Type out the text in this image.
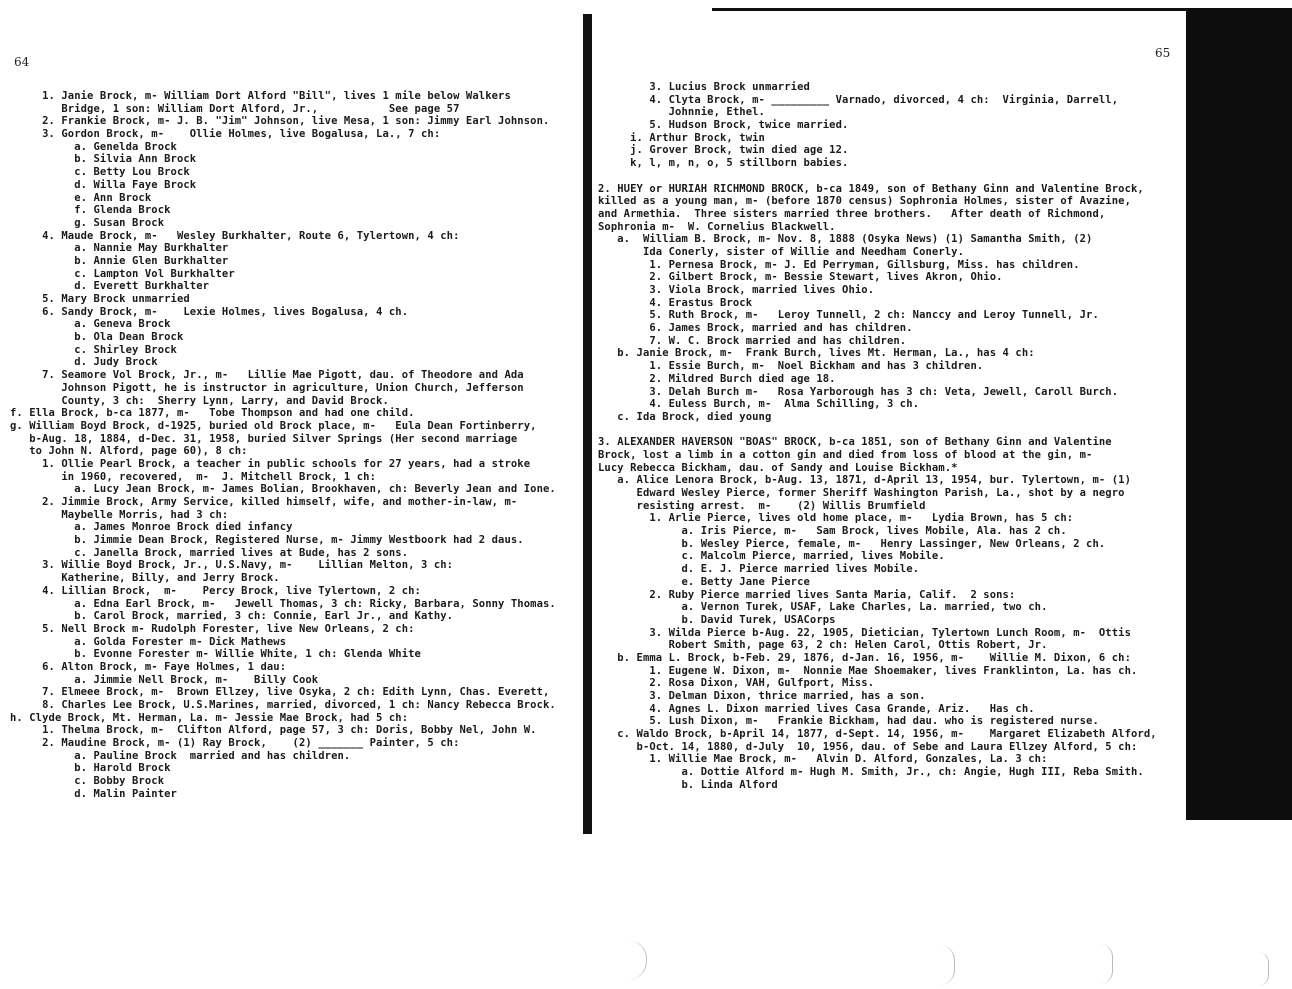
64
1. Janie Brock, m- William Dort Alford "Bill", lives 1 mile below Walkers
Bridge, 1 son: William Dort Alford, Jr.,           See page 57
2. Frankie Brock, m- J. B. "Jim" Johnson, live Mesa, 1 son: Jimmy Earl Johnson.
3. Gordon Brock, m-    Ollie Holmes, live Bogalusa, La., 7 ch:
a. Genelda Brock
b. Silvia Ann Brock
c. Betty Lou Brock
d. Willa Faye Brock
e. Ann Brock
f. Glenda Brock
g. Susan Brock
4. Maude Brock, m-   Wesley Burkhalter, Route 6, Tylertown, 4 ch:
a. Nannie May Burkhalter
b. Annie Glen Burkhalter
c. Lampton Vol Burkhalter
d. Everett Burkhalter
5. Mary Brock unmarried
6. Sandy Brock, m-    Lexie Holmes, lives Bogalusa, 4 ch.
a. Geneva Brock
b. Ola Dean Brock
c. Shirley Brock
d. Judy Brock
7. Seamore Vol Brock, Jr., m-   Lillie Mae Pigott, dau. of Theodore and Ada
Johnson Pigott, he is instructor in agriculture, Union Church, Jefferson
County, 3 ch:  Sherry Lynn, Larry, and David Brock.
f. Ella Brock, b-ca 1877, m-   Tobe Thompson and had one child.
g. William Boyd Brock, d-1925, buried old Brock place, m-   Eula Dean Fortinberry,
b-Aug. 18, 1884, d-Dec. 31, 1958, buried Silver Springs (Her second marriage
to John N. Alford, page 60), 8 ch:
1. Ollie Pearl Brock, a teacher in public schools for 27 years, had a stroke
in 1960, recovered,  m-  J. Mitchell Brock, 1 ch:
a. Lucy Jean Brock, m- James Bolian, Brookhaven, ch: Beverly Jean and Ione.
2. Jimmie Brock, Army Service, killed himself, wife, and mother-in-law, m-
Maybelle Morris, had 3 ch:
a. James Monroe Brock died infancy
b. Jimmie Dean Brock, Registered Nurse, m- Jimmy Westboork had 2 daus.
c. Janella Brock, married lives at Bude, has 2 sons.
3. Willie Boyd Brock, Jr., U.S.Navy, m-    Lillian Melton, 3 ch:
Katherine, Billy, and Jerry Brock.
4. Lillian Brock,  m-    Percy Brock, live Tylertown, 2 ch:
a. Edna Earl Brock, m-   Jewell Thomas, 3 ch: Ricky, Barbara, Sonny Thomas.
b. Carol Brock, married, 3 ch: Connie, Earl Jr., and Kathy.
5. Nell Brock m- Rudolph Forester, live New Orleans, 2 ch:
a. Golda Forester m- Dick Mathews
b. Evonne Forester m- Willie White, 1 ch: Glenda White
6. Alton Brock, m- Faye Holmes, 1 dau:
a. Jimmie Nell Brock, m-    Billy Cook
7. Elmeee Brock, m-  Brown Ellzey, live Osyka, 2 ch: Edith Lynn, Chas. Everett,
8. Charles Lee Brock, U.S.Marines, married, divorced, 1 ch: Nancy Rebecca Brock.
h. Clyde Brock, Mt. Herman, La. m- Jessie Mae Brock, had 5 ch:
1. Thelma Brock, m-  Clifton Alford, page 57, 3 ch: Doris, Bobby Nel, John W.
2. Maudine Brock, m- (1) Ray Brock,    (2) _______ Painter, 5 ch:
a. Pauline Brock  married and has children.
b. Harold Brock
c. Bobby Brock
d. Malin Painter
65
3. Lucius Brock unmarried
4. Clyta Brock, m- _________ Varnado, divorced, 4 ch:  Virginia, Darrell,
Johnnie, Ethel.
5. Hudson Brock, twice married.
i. Arthur Brock, twin
j. Grover Brock, twin died age 12.
k, l, m, n, o, 5 stillborn babies.

2. HUEY or HURIAH RICHMOND BROCK, b-ca 1849, son of Bethany Ginn and Valentine Brock,
killed as a young man, m- (before 1870 census) Sophronia Holmes, sister of Avazine,
and Armethia.  Three sisters married three brothers.   After death of Richmond,
Sophronia m-  W. Cornelius Blackwell.
a.  William B. Brock, m- Nov. 8, 1888 (Osyka News) (1) Samantha Smith, (2)
Ida Conerly, sister of Willie and Needham Conerly.
1. Pernesa Brock, m- J. Ed Perryman, Gillsburg, Miss. has children.
2. Gilbert Brock, m- Bessie Stewart, lives Akron, Ohio.
3. Viola Brock, married lives Ohio.
4. Erastus Brock
5. Ruth Brock, m-   Leroy Tunnell, 2 ch: Nanccy and Leroy Tunnell, Jr.
6. James Brock, married and has children.
7. W. C. Brock married and has children.
b. Janie Brock, m-  Frank Burch, lives Mt. Herman, La., has 4 ch:
1. Essie Burch, m-  Noel Bickham and has 3 children.
2. Mildred Burch died age 18.
3. Delah Burch m-   Rosa Yarborough has 3 ch: Veta, Jewell, Caroll Burch.
4. Euless Burch, m-  Alma Schilling, 3 ch.
c. Ida Brock, died young

3. ALEXANDER HAVERSON "BOAS" BROCK, b-ca 1851, son of Bethany Ginn and Valentine
Brock, lost a limb in a cotton gin and died from loss of blood at the gin, m-
Lucy Rebecca Bickham, dau. of Sandy and Louise Bickham.*
a. Alice Lenora Brock, b-Aug. 13, 1871, d-April 13, 1954, bur. Tylertown, m- (1)
Edward Wesley Pierce, former Sheriff Washington Parish, La., shot by a negro
resisting arrest.  m-    (2) Willis Brumfield
1. Arlie Pierce, lives old home place, m-   Lydia Brown, has 5 ch:
a. Iris Pierce, m-   Sam Brock, lives Mobile, Ala. has 2 ch.
b. Wesley Pierce, female, m-   Henry Lassinger, New Orleans, 2 ch.
c. Malcolm Pierce, married, lives Mobile.
d. E. J. Pierce married lives Mobile.
e. Betty Jane Pierce
2. Ruby Pierce married lives Santa Maria, Calif.  2 sons:
a. Vernon Turek, USAF, Lake Charles, La. married, two ch.
b. David Turek, USACorps
3. Wilda Pierce b-Aug. 22, 1905, Dietician, Tylertown Lunch Room, m-  Ottis
Robert Smith, page 63, 2 ch: Helen Carol, Ottis Robert, Jr.
b. Emma L. Brock, b-Feb. 29, 1876, d-Jan. 16, 1956, m-    Willie M. Dixon, 6 ch:
1. Eugene W. Dixon, m-  Nonnie Mae Shoemaker, lives Franklinton, La. has ch.
2. Rosa Dixon, VAH, Gulfport, Miss.
3. Delman Dixon, thrice married, has a son.
4. Agnes L. Dixon married lives Casa Grande, Ariz.   Has ch.
5. Lush Dixon, m-   Frankie Bickham, had dau. who is registered nurse.
c. Waldo Brock, b-April 14, 1877, d-Sept. 14, 1956, m-    Margaret Elizabeth Alford,
b-Oct. 14, 1880, d-July  10, 1956, dau. of Sebe and Laura Ellzey Alford, 5 ch:
1. Willie Mae Brock, m-   Alvin D. Alford, Gonzales, La. 3 ch:
a. Dottie Alford m- Hugh M. Smith, Jr., ch: Angie, Hugh III, Reba Smith.
b. Linda Alford
